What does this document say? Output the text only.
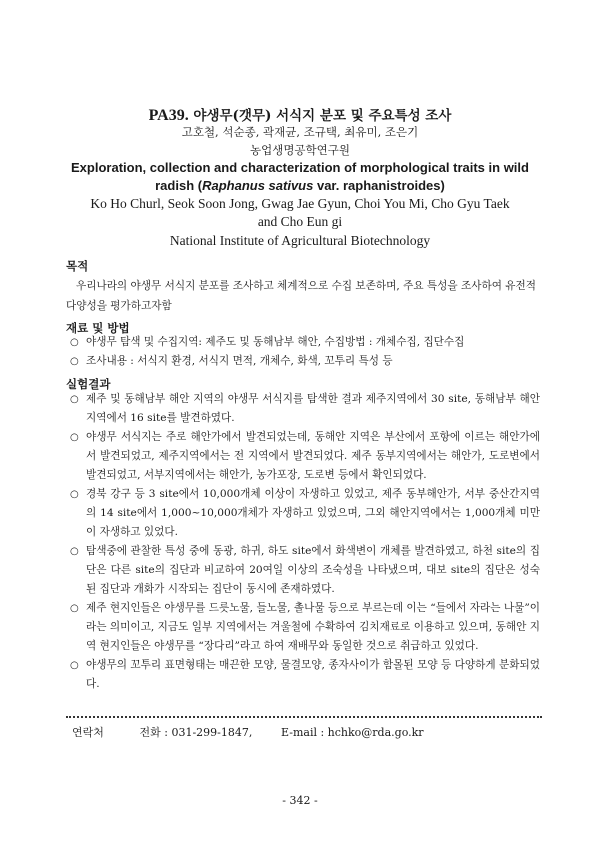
PA39. 야생무(갯무) 서식지 분포 및 주요특성 조사
고호철, 석순종, 곽재균, 조규택, 최유미, 조은기
농업생명공학연구원
Exploration, collection and characterization of morphological traits in wild
radish (Raphanus sativus var. raphanistroides)
Ko Ho Churl, Seok Soon Jong, Gwag Jae Gyun, Choi You Mi, Cho Gyu Taek
and Cho Eun gi
National Institute of Agricultural Biotechnology
목적
우리나라의 야생무 서식지 분포를 조사하고 체계적으로 수집 보존하며, 주요 특성을 조사하여 유전적 다양성을 평가하고자함
재료 및 방법
○ 야생무 탐색 및 수집지역: 제주도 및 동해남부 해안, 수집방법 : 개체수집, 집단수집
○ 조사내용 : 서식지 환경, 서식지 면적, 개체수, 화색, 꼬투리 특성 등
실험결과
○ 제주 및 동해남부 해안 지역의 야생무 서식지를 탐색한 결과 제주지역에서 30 site, 동해남부 해안지역에서 16 site를 발견하였다.
○ 야생무 서식지는 주로 해안가에서 발견되었는데, 동해안 지역은 부산에서 포항에 이르는 해안가에서 발견되었고, 제주지역에서는 전 지역에서 발견되었다. 제주 동부지역에서는 해안가, 도로변에서 발견되었고, 서부지역에서는 해안가, 농가포장, 도로변 등에서 확인되었다.
○ 경북 강구 등 3 site에서 10,000개체 이상이 자생하고 있었고, 제주 동부해안가, 서부 중산간지역의 14 site에서 1,000~10,000개체가 자생하고 있었으며, 그외 해안지역에서는 1,000개체 미만이 자생하고 있었다.
○ 탐색중에 관찰한 특성 중에 동광, 하귀, 하도 site에서 화색변이 개체를 발견하였고, 하천 site의 집단은 다른 site의 집단과 비교하여 20여일 이상의 조숙성을 나타냈으며, 대보 site의 집단은 성숙된 집단과 개화가 시작되는 집단이 동시에 존재하였다.
○ 제주 현지인들은 야생무를 드릇노물, 들노물, 촐나물 등으로 부르는데 이는 “들에서 자라는 나물”이라는 의미이고, 지금도 일부 지역에서는 겨울철에 수확하여 김치재료로 이용하고 있으며, 동해안 지역 현지인들은 야생무를 “장다리”라고 하여 재배무와 동일한 것으로 취급하고 있었다.
○ 야생무의 꼬투리 표면형태는 매끈한 모양, 물결모양, 종자사이가 함몰된 모양 등 다양하게 분화되었다.
연락처	전화 : 031-299-1847,	E-mail : hchko@rda.go.kr
- 342 -
